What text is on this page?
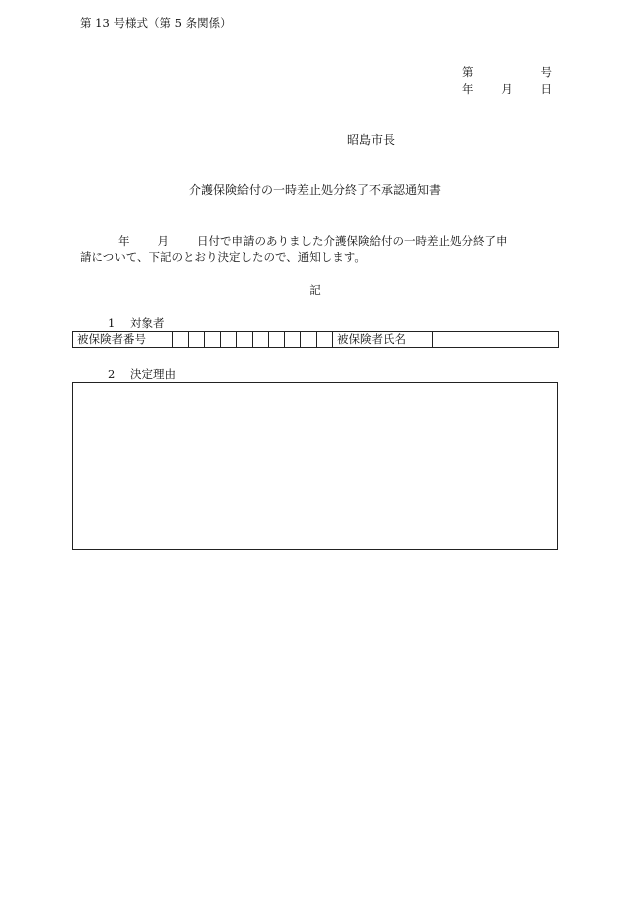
第 13 号様式（第 5 条関係）
第	号
年 月 日
昭島市長
介護保険給付の一時差止処分終了不承認通知書
年 月 日付で申請のありました介護保険給付の一時差止処分終了申
請について、下記のとおり決定したので、通知します。
記
1 対象者
被保険者番号											被保険者氏名	
2 決定理由
